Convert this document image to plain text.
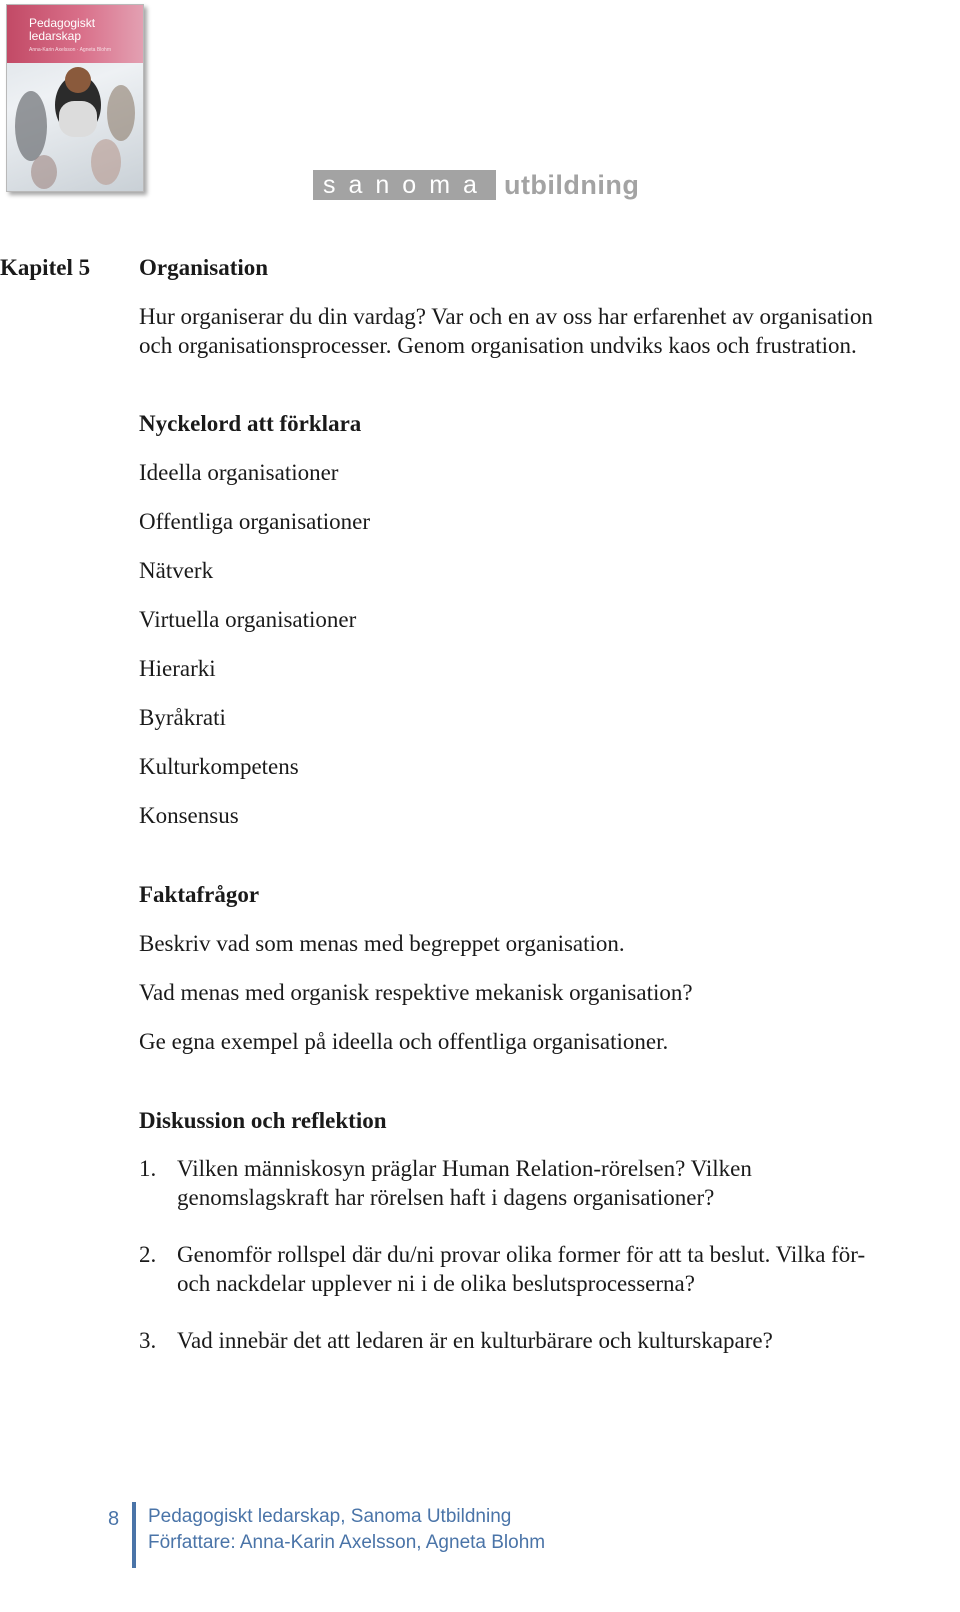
Pedagogiskt
ledarskap
Anna-Karin Axelsson · Agneta Blohm
sanoma utbildning
Kapitel 5 Organisation
Hur organiserar du din vardag? Var och en av oss har erfarenhet av organisation
och organisationsprocesser. Genom organisation undviks kaos och frustration.
Nyckelord att förklara
Ideella organisationer
Offentliga organisationer
Nätverk
Virtuella organisationer
Hierarki
Byråkrati
Kulturkompetens
Konsensus
Faktafrågor
Beskriv vad som menas med begreppet organisation.
Vad menas med organisk respektive mekanisk organisation?
Ge egna exempel på ideella och offentliga organisationer.
Diskussion och reflektion
1. Vilken människosyn präglar Human Relation-rörelsen? Vilken
genomslagskraft har rörelsen haft i dagens organisationer?
2. Genomför rollspel där du/ni provar olika former för att ta beslut. Vilka för-
och nackdelar upplever ni i de olika beslutsprocesserna?
3. Vad innebär det att ledaren är en kulturbärare och kulturskapare?
8 Pedagogiskt ledarskap, Sanoma Utbildning
Författare: Anna-Karin Axelsson, Agneta Blohm
